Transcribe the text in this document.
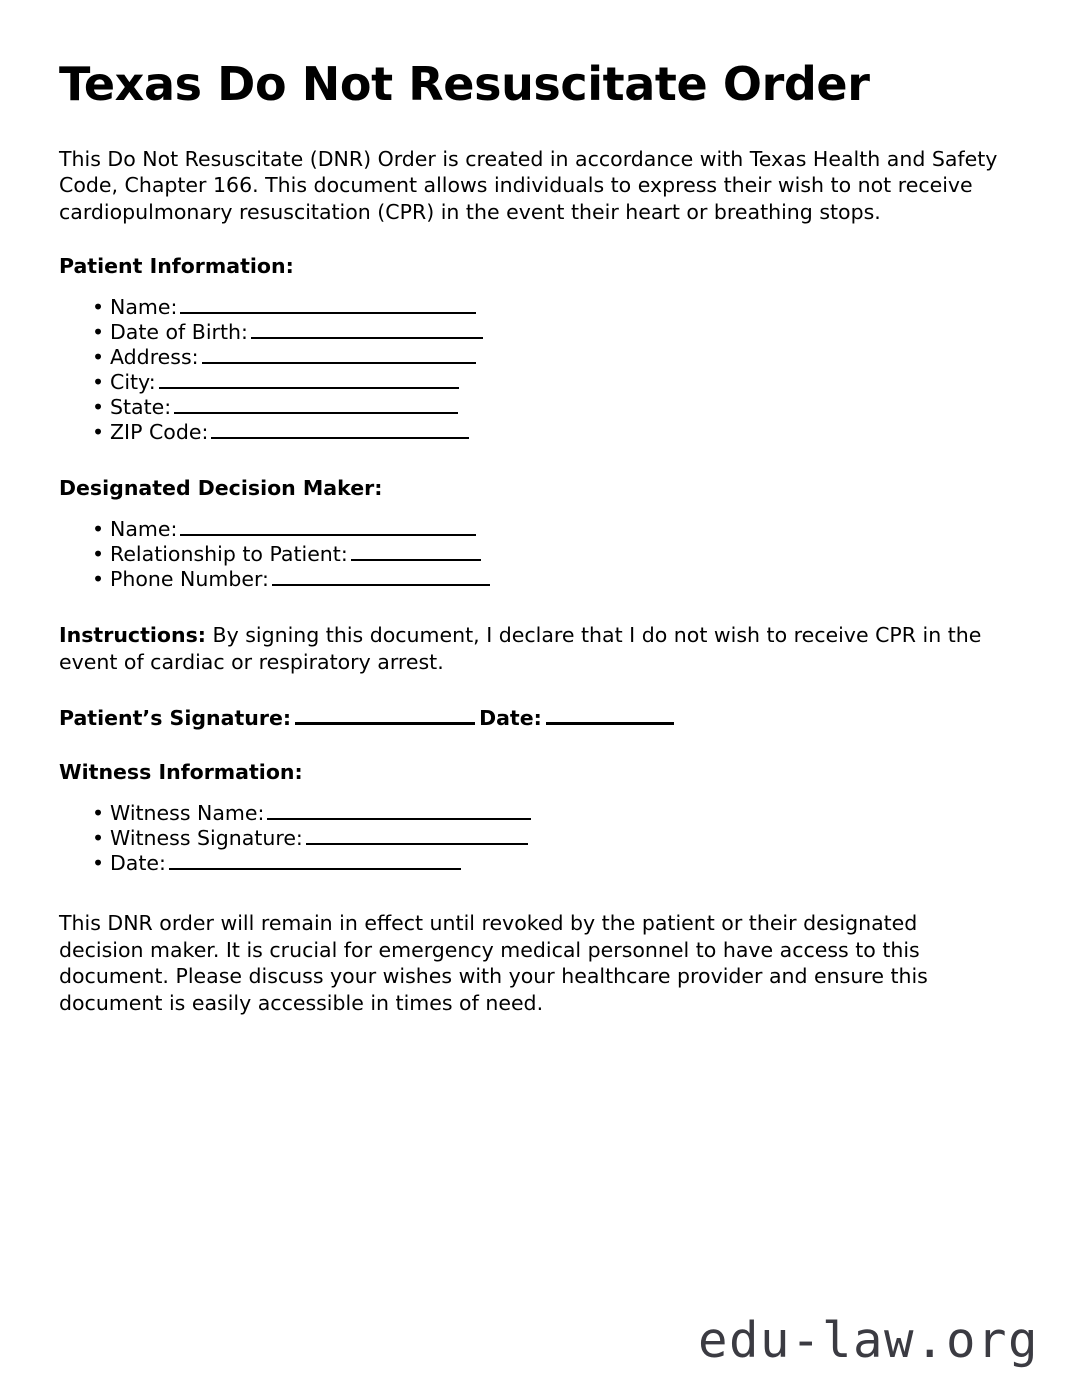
Texas Do Not Resuscitate Order

This Do Not Resuscitate (DNR) Order is created in accordance with Texas Health and Safety Code, Chapter 166. This document allows individuals to express their wish to not receive cardiopulmonary resuscitation (CPR) in the event their heart or breathing stops.

Patient Information:
• Name:
• Date of Birth:
• Address:
• City:
• State:
• ZIP Code:
Designated Decision Maker:
• Name:
• Relationship to Patient:
• Phone Number:

Instructions: By signing this document, I declare that I do not wish to receive CPR in the event of cardiac or respiratory arrest.

Patient’s Signature:	Date:
Witness Information:
• Witness Name:
• Witness Signature:
• Date:

This DNR order will remain in effect until revoked by the patient or their designated decision maker. It is crucial for emergency medical personnel to have access to this document. Please discuss your wishes with your healthcare provider and ensure this document is easily accessible in times of need.

edu-law.org
